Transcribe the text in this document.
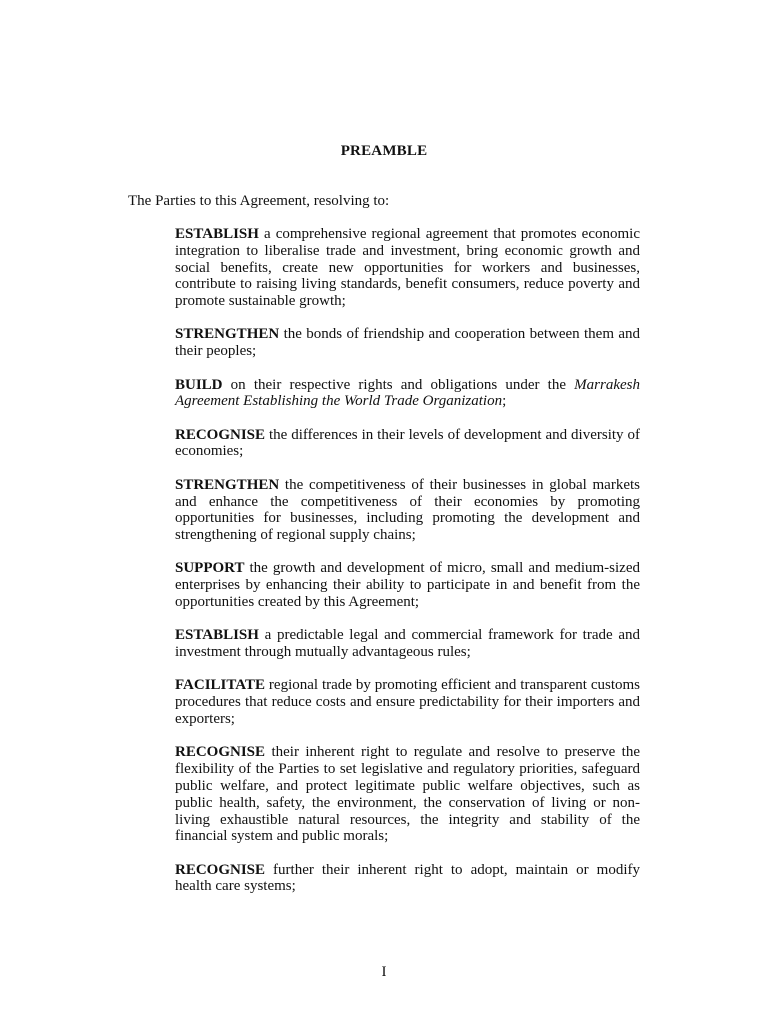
PREAMBLE
The Parties to this Agreement, resolving to:

ESTABLISH a comprehensive regional agreement that promotes economic integration to liberalise trade and investment, bring economic growth and social benefits, create new opportunities for workers and businesses, contribute to raising living standards, benefit consumers, reduce poverty and promote sustainable growth;

STRENGTHEN the bonds of friendship and cooperation between them and their peoples;

BUILD on their respective rights and obligations under the Marrakesh Agreement Establishing the World Trade Organization;

RECOGNISE the differences in their levels of development and diversity of economies;

STRENGTHEN the competitiveness of their businesses in global markets and enhance the competitiveness of their economies by promoting opportunities for businesses, including promoting the development and strengthening of regional supply chains;

SUPPORT the growth and development of micro, small and medium-sized enterprises by enhancing their ability to participate in and benefit from the opportunities created by this Agreement;

ESTABLISH a predictable legal and commercial framework for trade and investment through mutually advantageous rules;

FACILITATE regional trade by promoting efficient and transparent customs procedures that reduce costs and ensure predictability for their importers and exporters;

RECOGNISE their inherent right to regulate and resolve to preserve the flexibility of the Parties to set legislative and regulatory priorities, safeguard public welfare, and protect legitimate public welfare objectives, such as public health, safety, the environment, the conservation of living or non-living exhaustible natural resources, the integrity and stability of the financial system and public morals;

RECOGNISE further their inherent right to adopt, maintain or modify health care systems;

I
